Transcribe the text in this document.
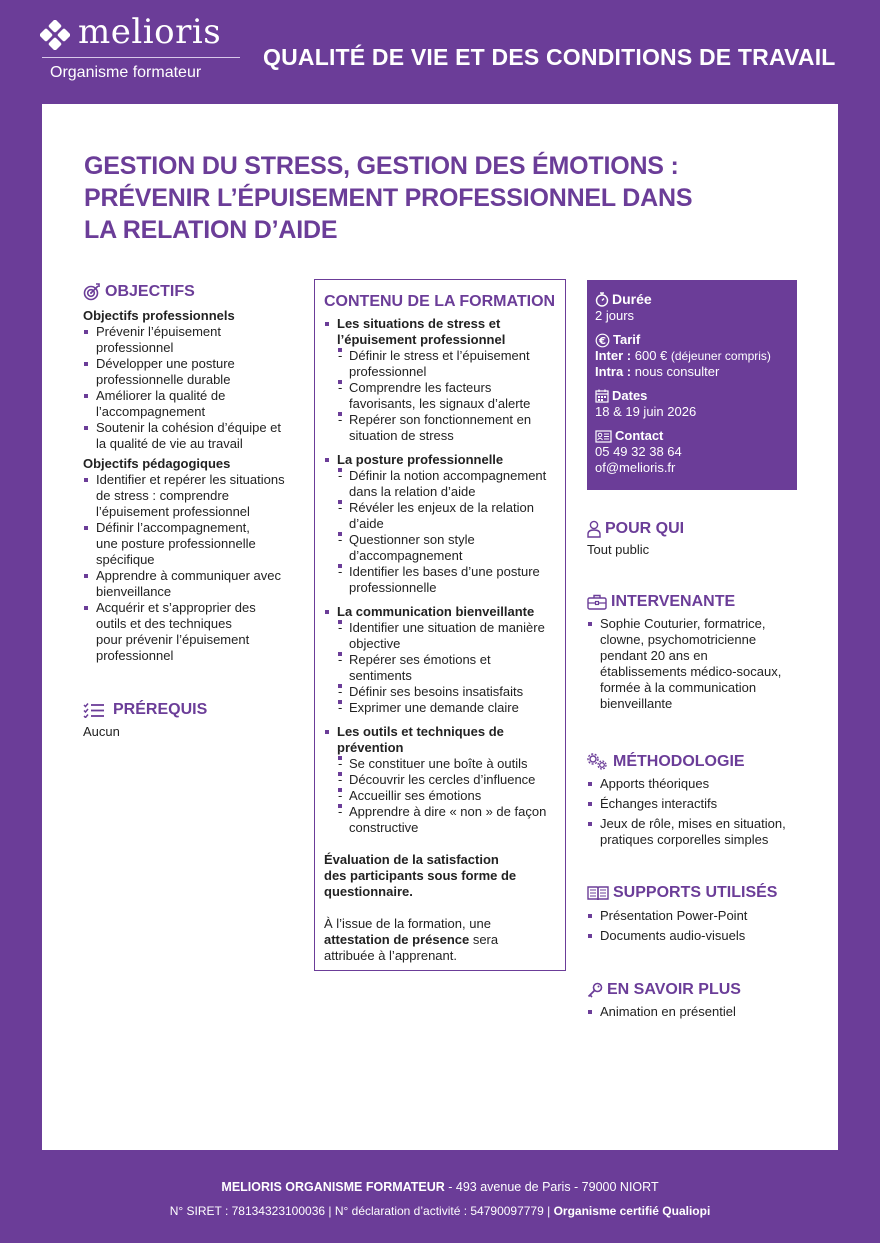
melioris
Organisme formateur
QUALITÉ DE VIE ET DES CONDITIONS DE TRAVAIL
GESTION DU STRESS, GESTION DES ÉMOTIONS :
PRÉVENIR L’ÉPUISEMENT PROFESSIONNEL DANS
LA RELATION D’AIDE
OBJECTIFS
Objectifs professionnels
Prévenir l’épuisement
professionnel
Développer une posture
professionnelle durable
Améliorer la qualité de
l’accompagnement
Soutenir la cohésion d’équipe et
la qualité de vie au travail
Objectifs pédagogiques
Identifier et repérer les situations
de stress : comprendre
l’épuisement professionnel
Définir l’accompagnement,
une posture professionnelle
spécifique
Apprendre à communiquer avec
bienveillance
Acquérir et s’approprier des
outils et des techniques
pour prévenir l’épuisement
professionnel
PRÉREQUIS
Aucun
CONTENU DE LA FORMATION
Les situations de stress et
l’épuisement professionnel
- Définir le stress et l’épuisement
professionnel
- Comprendre les facteurs
favorisants, les signaux d’alerte
- Repérer son fonctionnement en
situation de stress
La posture professionnelle
- Définir la notion accompagnement
dans la relation d’aide
- Révéler les enjeux de la relation
d’aide
- Questionner son style
d’accompagnement
- Identifier les bases d’une posture
professionnelle
La communication bienveillante
- Identifier une situation de manière
objective
- Repérer ses émotions et
sentiments
- Définir ses besoins insatisfaits
- Exprimer une demande claire
Les outils et techniques de
prévention
- Se constituer une boîte à outils
- Découvrir les cercles d’influence
- Accueillir ses émotions
- Apprendre à dire « non » de façon
constructive
Évaluation de la satisfaction
des participants sous forme de
questionnaire.
À l’issue de la formation, une
attestation de présence sera
attribuée à l’apprenant.
Durée
2 jours
€ Tarif
Inter : 600 € (déjeuner compris)
Intra : nous consulter
Dates
18 & 19 juin 2026
Contact
05 49 32 38 64
of@melioris.fr
POUR QUI
Tout public
INTERVENANTE
Sophie Couturier, formatrice,
clowne, psychomotricienne
pendant 20 ans en
établissements médico-socaux,
formée à la communication
bienveillante
MÉTHODOLOGIE
Apports théoriques
Échanges interactifs
Jeux de rôle, mises en situation,
pratiques corporelles simples
SUPPORTS UTILISÉS
Présentation Power-Point
Documents audio-visuels
EN SAVOIR PLUS
Animation en présentiel
MELIORIS ORGANISME FORMATEUR - 493 avenue de Paris - 79000 NIORT
N° SIRET : 78134323100036 | N° déclaration d’activité : 54790097779 | Organisme certifié Qualiopi
